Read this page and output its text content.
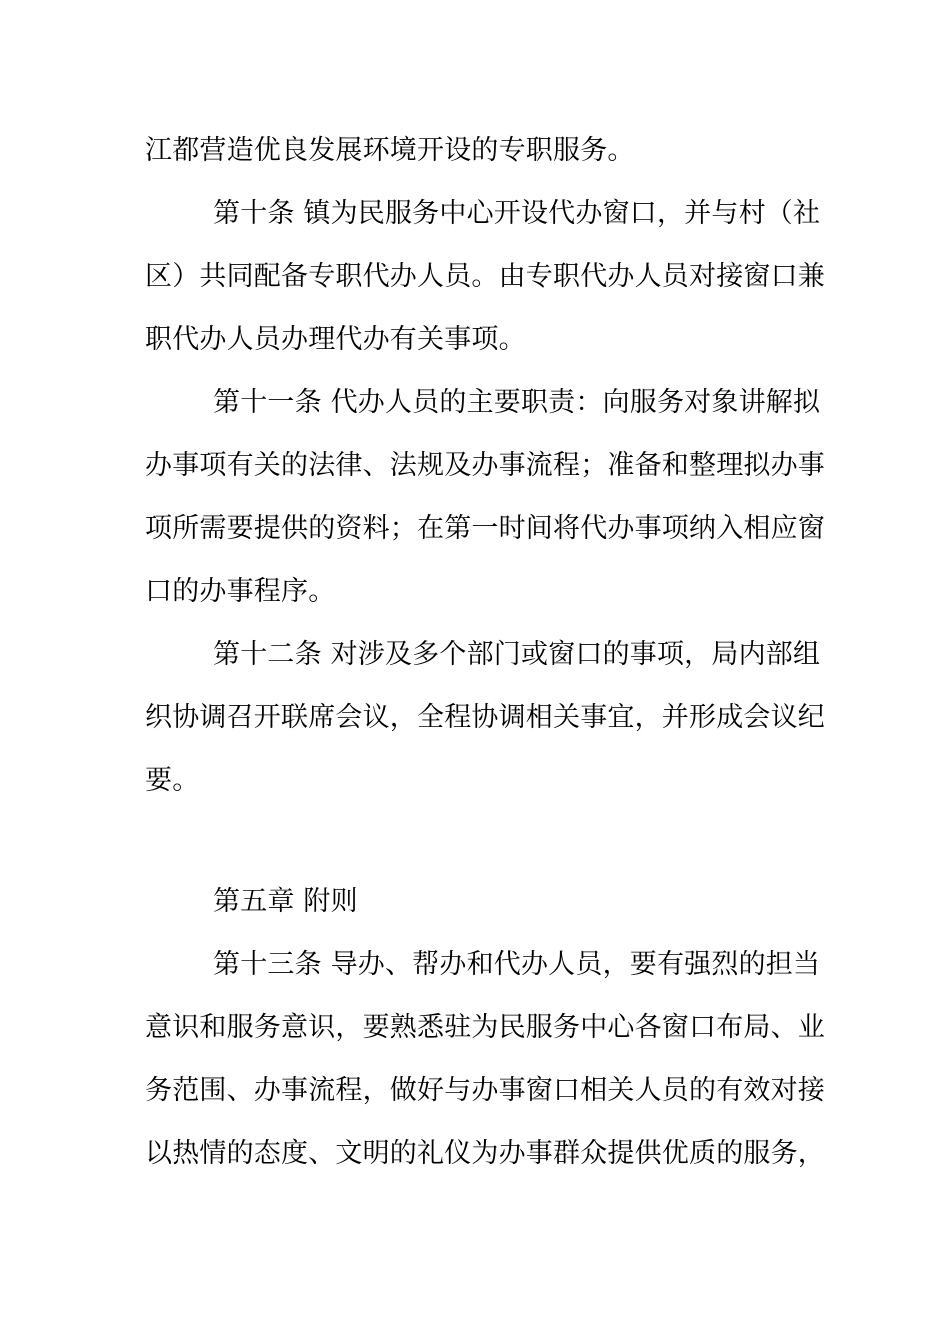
江都营造优良发展环境开设的专职服务。
第十条 镇为民服务中心开设代办窗口，并与村（社
区）共同配备专职代办人员。由专职代办人员对接窗口兼
职代办人员办理代办有关事项。
第十一条 代办人员的主要职责：向服务对象讲解拟
办事项有关的法律、法规及办事流程；准备和整理拟办事
项所需要提供的资料；在第一时间将代办事项纳入相应窗
口的办事程序。
第十二条 对涉及多个部门或窗口的事项，局内部组
织协调召开联席会议，全程协调相关事宜，并形成会议纪
要。
第五章 附则
第十三条 导办、帮办和代办人员，要有强烈的担当
意识和服务意识，要熟悉驻为民服务中心各窗口布局、业
务范围、办事流程，做好与办事窗口相关人员的有效对接
以热情的态度、文明的礼仪为办事群众提供优质的服务，
